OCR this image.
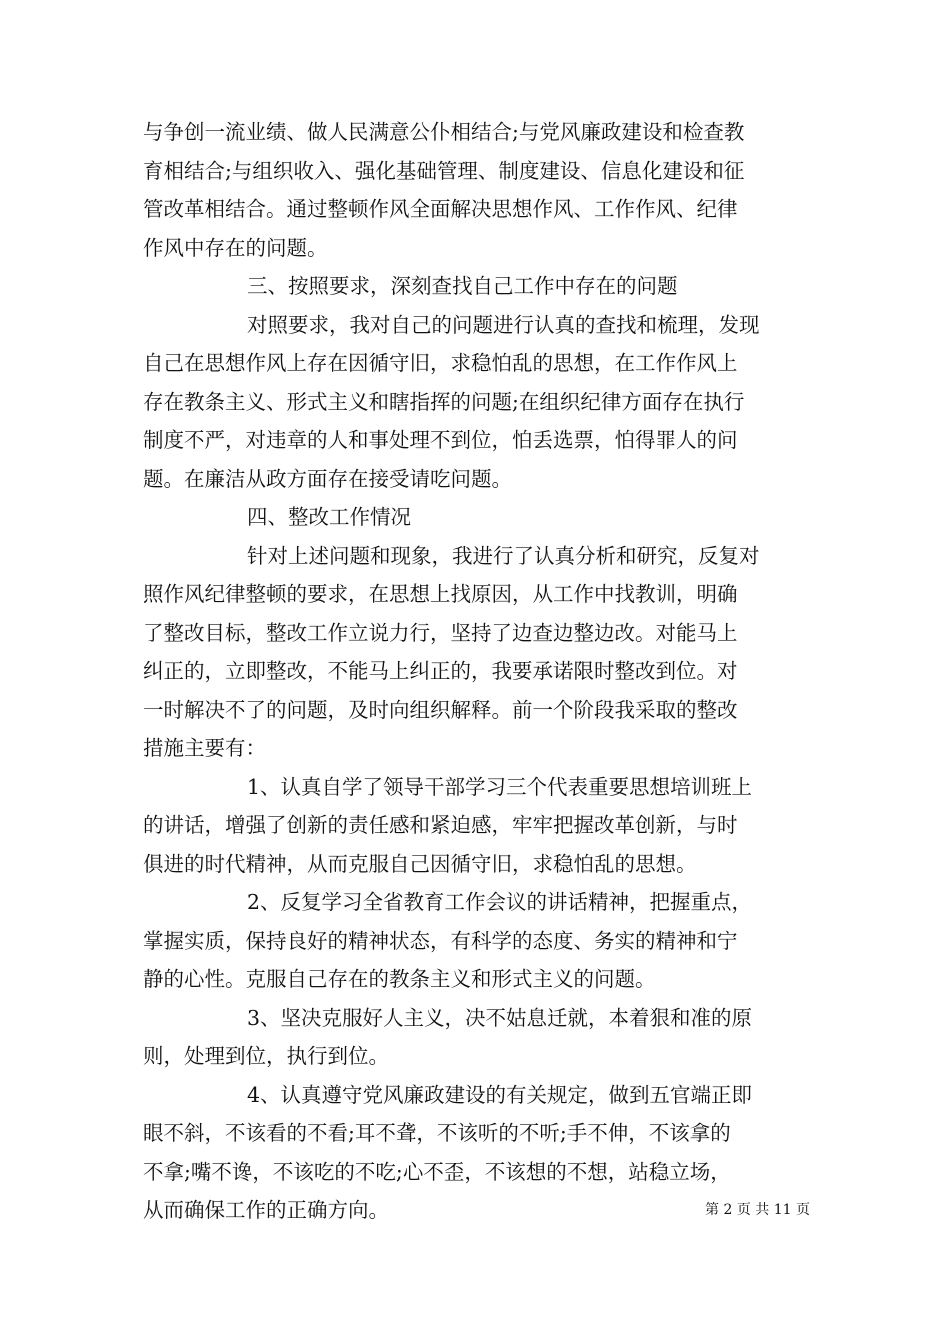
与争创一流业绩、做人民满意公仆相结合;与党风廉政建设和检查教
育相结合;与组织收入、强化基础管理、制度建设、信息化建设和征
管改革相结合。通过整顿作风全面解决思想作风、工作作风、纪律
作风中存在的问题。
三、按照要求，深刻查找自己工作中存在的问题
对照要求，我对自己的问题进行认真的查找和梳理，发现
自己在思想作风上存在因循守旧，求稳怕乱的思想，在工作作风上
存在教条主义、形式主义和瞎指挥的问题;在组织纪律方面存在执行
制度不严，对违章的人和事处理不到位，怕丢选票，怕得罪人的问
题。在廉洁从政方面存在接受请吃问题。
四、整改工作情况
针对上述问题和现象，我进行了认真分析和研究，反复对
照作风纪律整顿的要求，在思想上找原因，从工作中找教训，明确
了整改目标，整改工作立说力行，坚持了边查边整边改。对能马上
纠正的，立即整改，不能马上纠正的，我要承诺限时整改到位。对
一时解决不了的问题，及时向组织解释。前一个阶段我采取的整改
措施主要有：
1、认真自学了领导干部学习三个代表重要思想培训班上
的讲话，增强了创新的责任感和紧迫感，牢牢把握改革创新，与时
俱进的时代精神，从而克服自己因循守旧，求稳怕乱的思想。
2、反复学习全省教育工作会议的讲话精神，把握重点，
掌握实质，保持良好的精神状态，有科学的态度、务实的精神和宁
静的心性。克服自己存在的教条主义和形式主义的问题。
3、坚决克服好人主义，决不姑息迁就，本着狠和准的原
则，处理到位，执行到位。
4、认真遵守党风廉政建设的有关规定，做到五官端正即
眼不斜，不该看的不看;耳不聋，不该听的不听;手不伸，不该拿的
不拿;嘴不谗，不该吃的不吃;心不歪，不该想的不想，站稳立场，
从而确保工作的正确方向。	第 2 页 共 11 页
